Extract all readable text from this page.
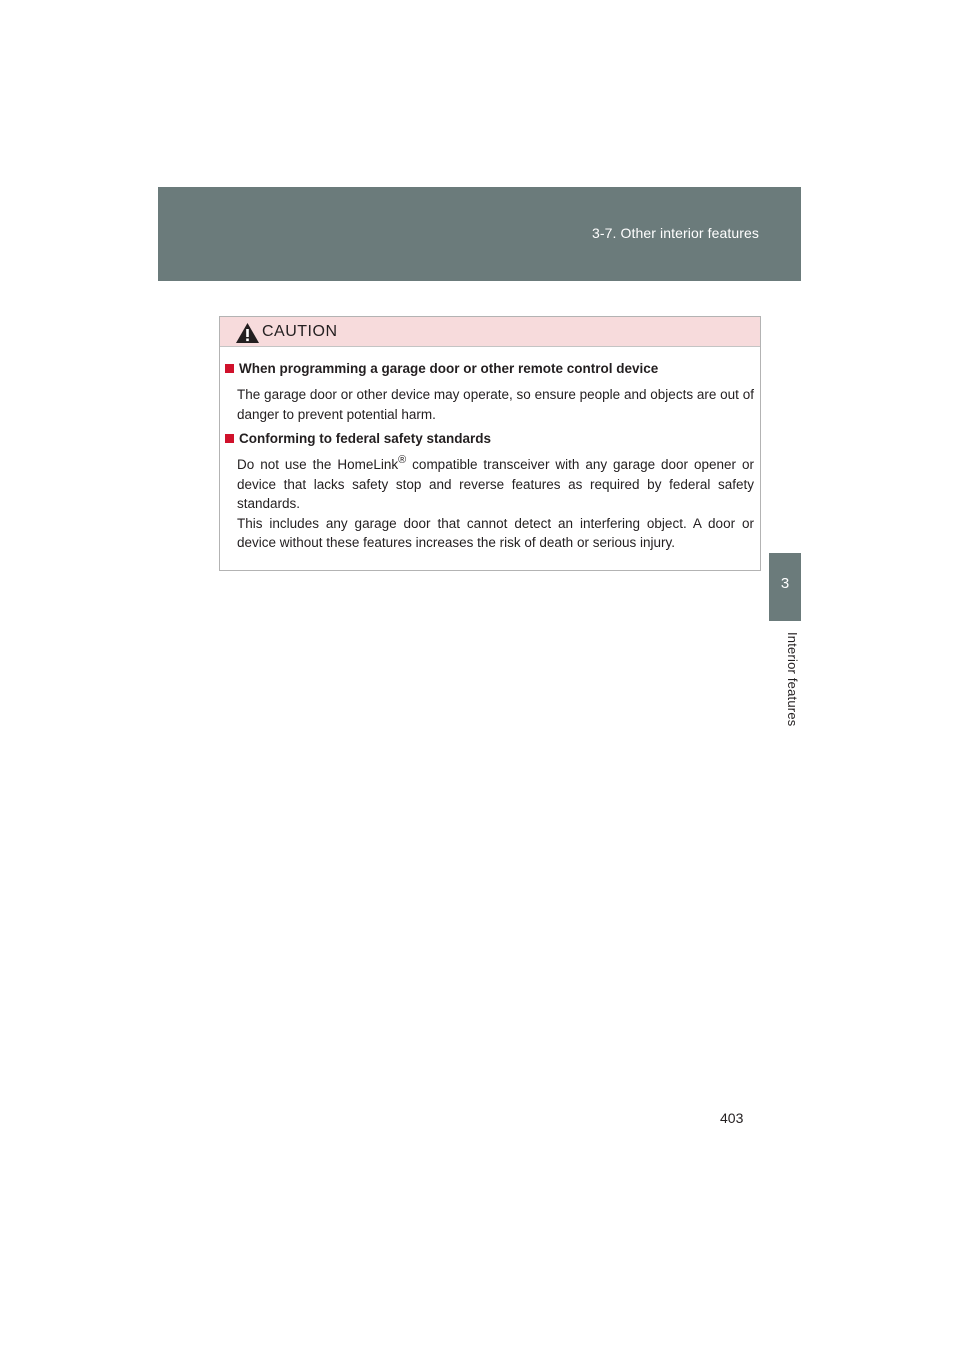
3-7. Other interior features
3
Interior features
CAUTION
When programming a garage door or other remote control device

The garage door or other device may operate, so ensure people and objects are out of danger to prevent potential harm.

Conforming to federal safety standards

Do not use the HomeLink® compatible transceiver with any garage door opener or device that lacks safety stop and reverse features as required by federal safety standards.

This includes any garage door that cannot detect an interfering object. A door or device without these features increases the risk of death or serious injury.

403
